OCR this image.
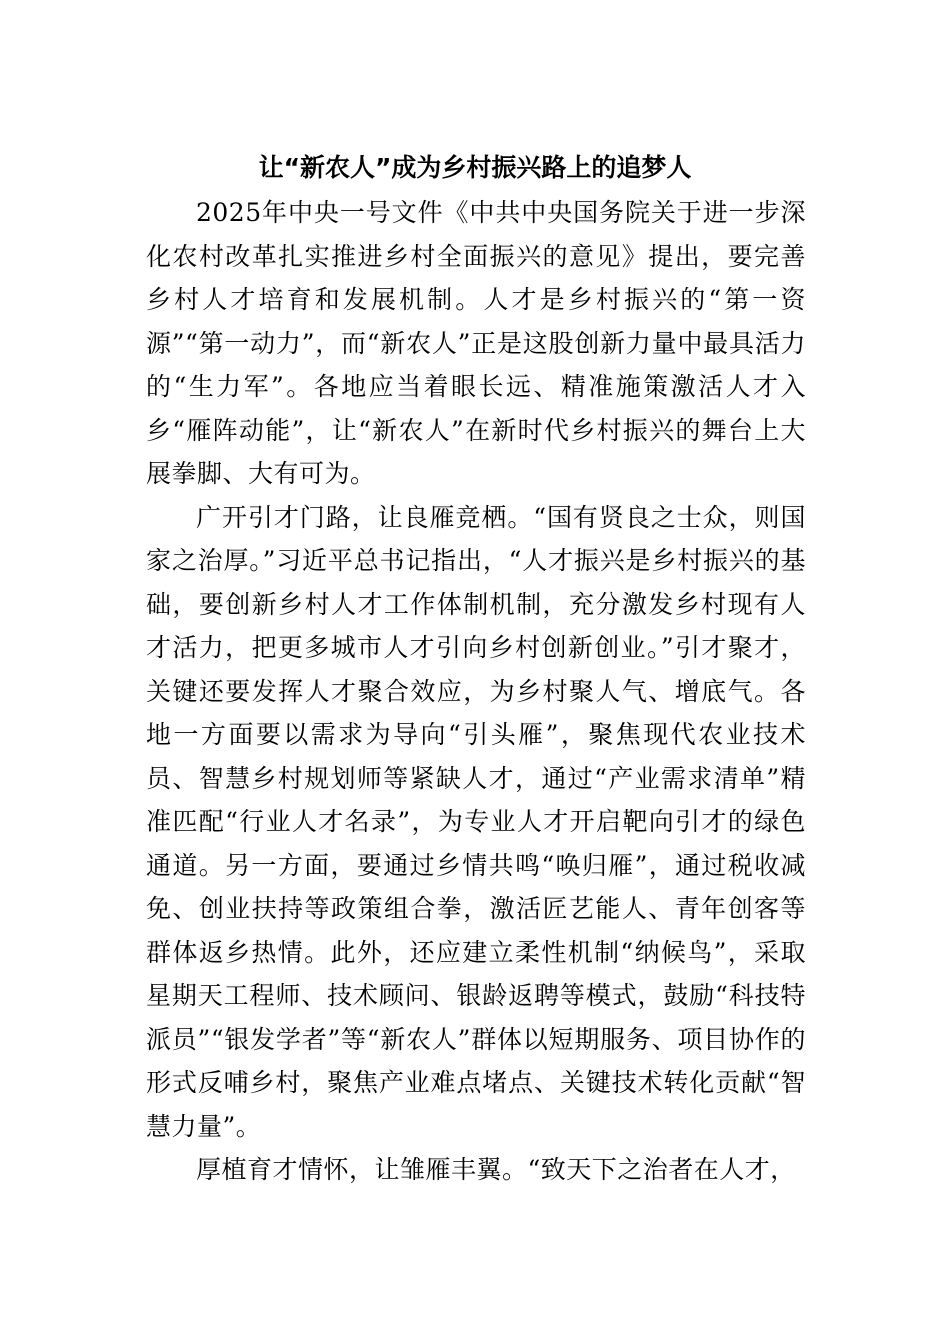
让“新农人”成为乡村振兴路上的追梦人

2025年中央一号文件《中共中央国务院关于进一步深化农村改革扎实推进乡村全面振兴的意见》提出，要完善乡村人才培育和发展机制。人才是乡村振兴的“第一资源”“第一动力”，而“新农人”正是这股创新力量中最具活力的“生力军”。各地应当着眼长远、精准施策激活人才入乡“雁阵动能”，让“新农人”在新时代乡村振兴的舞台上大展拳脚、大有可为。

广开引才门路，让良雁竞栖。“国有贤良之士众，则国家之治厚。”习近平总书记指出，“人才振兴是乡村振兴的基础，要创新乡村人才工作体制机制，充分激发乡村现有人才活力，把更多城市人才引向乡村创新创业。”引才聚才，关键还要发挥人才聚合效应，为乡村聚人气、增底气。各地一方面要以需求为导向“引头雁”，聚焦现代农业技术员、智慧乡村规划师等紧缺人才，通过“产业需求清单”精准匹配“行业人才名录”，为专业人才开启靶向引才的绿色通道。另一方面，要通过乡情共鸣“唤归雁”，通过税收减免、创业扶持等政策组合拳，激活匠艺能人、青年创客等群体返乡热情。此外，还应建立柔性机制“纳候鸟”，采取星期天工程师、技术顾问、银龄返聘等模式，鼓励“科技特派员”“银发学者”等“新农人”群体以短期服务、项目协作的形式反哺乡村，聚焦产业难点堵点、关键技术转化贡献“智慧力量”。

厚植育才情怀，让雏雁丰翼。“致天下之治者在人才，
